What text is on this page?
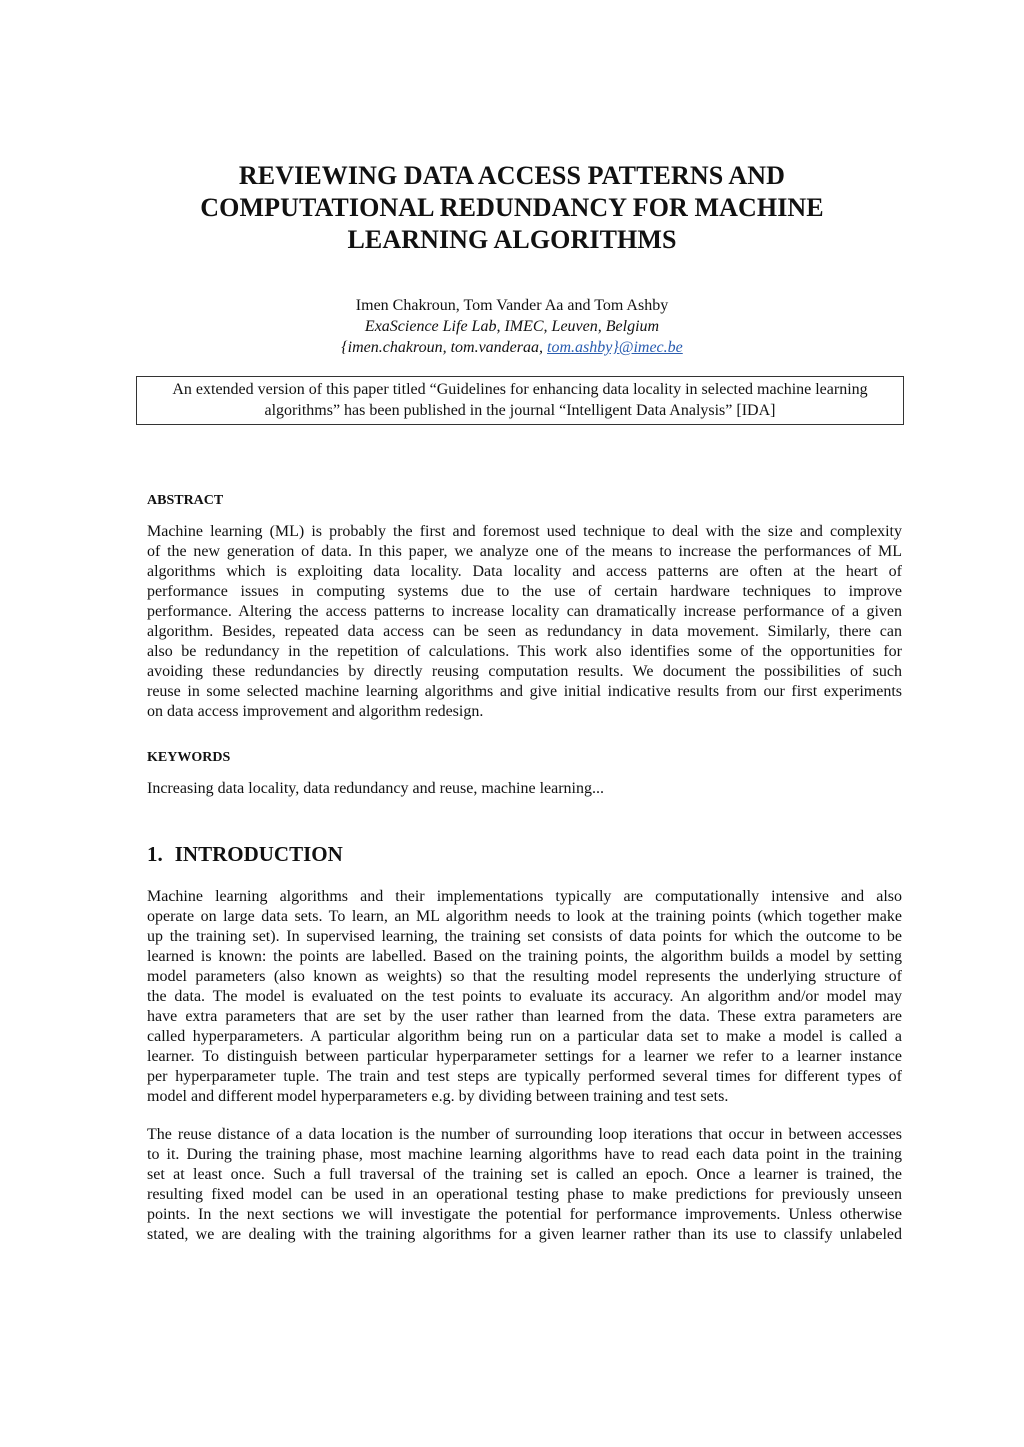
REVIEWING DATA ACCESS PATTERNS AND
COMPUTATIONAL REDUNDANCY FOR MACHINE
LEARNING ALGORITHMS
Imen Chakroun, Tom Vander Aa and Tom Ashby
ExaScience Life Lab, IMEC, Leuven, Belgium
{imen.chakroun, tom.vanderaa, tom.ashby}@imec.be
An extended version of this paper titled “Guidelines for enhancing data locality in selected machine learning
algorithms” has been published in the journal “Intelligent Data Analysis” [IDA]
ABSTRACT
Machine learning (ML) is probably the first and foremost used technique to deal with the size and complexity
of the new generation of data. In this paper, we analyze one of the means to increase the performances of ML
algorithms which is exploiting data locality. Data locality and access patterns are often at the heart of
performance issues in computing systems due to the use of certain hardware techniques to improve
performance. Altering the access patterns to increase locality can dramatically increase performance of a given
algorithm. Besides, repeated data access can be seen as redundancy in data movement. Similarly, there can
also be redundancy in the repetition of calculations. This work also identifies some of the opportunities for
avoiding these redundancies by directly reusing computation results. We document the possibilities of such
reuse in some selected machine learning algorithms and give initial indicative results from our first experiments
on data access improvement and algorithm redesign.
KEYWORDS
Increasing data locality, data redundancy and reuse, machine learning...
1. INTRODUCTION
Machine learning algorithms and their implementations typically are computationally intensive and also
operate on large data sets. To learn, an ML algorithm needs to look at the training points (which together make
up the training set). In supervised learning, the training set consists of data points for which the outcome to be
learned is known: the points are labelled. Based on the training points, the algorithm builds a model by setting
model parameters (also known as weights) so that the resulting model represents the underlying structure of
the data. The model is evaluated on the test points to evaluate its accuracy. An algorithm and/or model may
have extra parameters that are set by the user rather than learned from the data. These extra parameters are
called hyperparameters. A particular algorithm being run on a particular data set to make a model is called a
learner. To distinguish between particular hyperparameter settings for a learner we refer to a learner instance
per hyperparameter tuple. The train and test steps are typically performed several times for different types of
model and different model hyperparameters e.g. by dividing between training and test sets.
The reuse distance of a data location is the number of surrounding loop iterations that occur in between accesses
to it. During the training phase, most machine learning algorithms have to read each data point in the training
set at least once. Such a full traversal of the training set is called an epoch. Once a learner is trained, the
resulting fixed model can be used in an operational testing phase to make predictions for previously unseen
points. In the next sections we will investigate the potential for performance improvements. Unless otherwise
stated, we are dealing with the training algorithms for a given learner rather than its use to classify unlabeled
